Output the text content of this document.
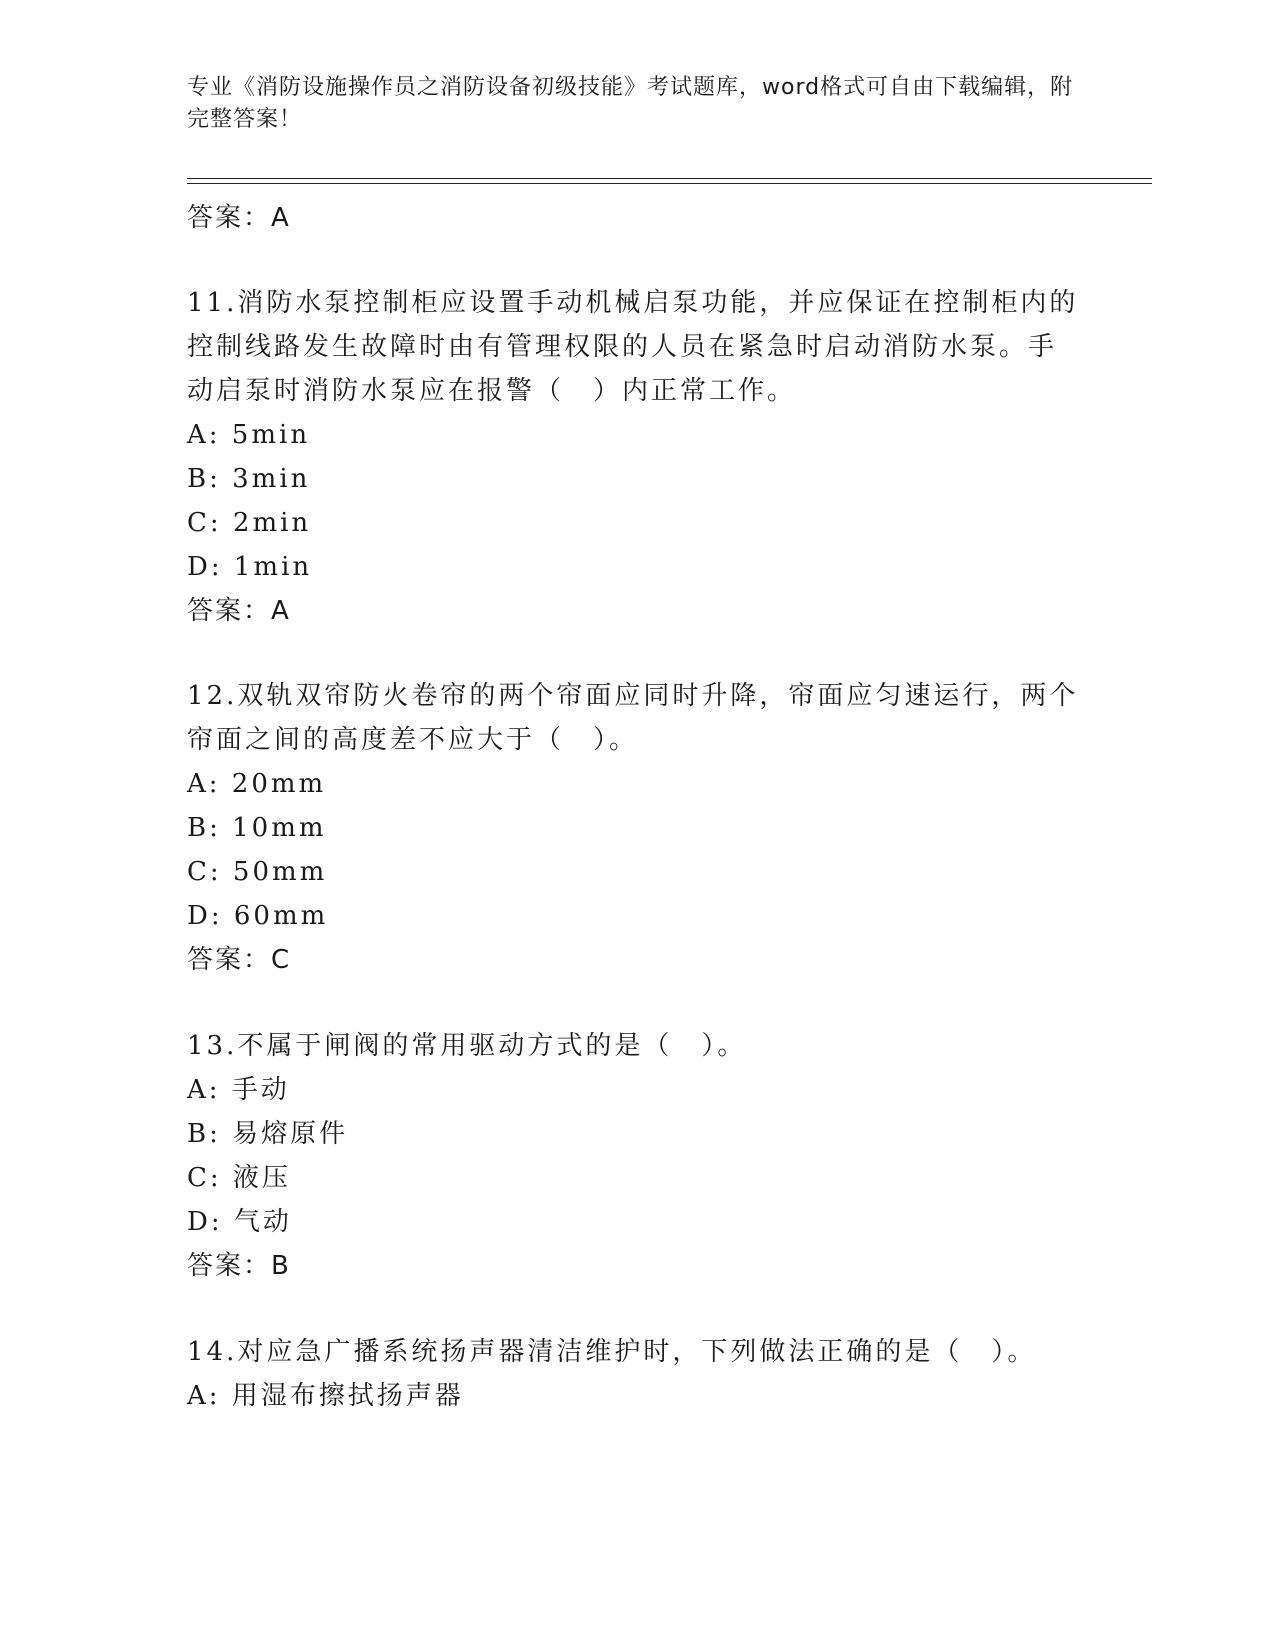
专业《消防设施操作员之消防设备初级技能》考试题库，word格式可自由下载编辑，附完整答案！
答案：A
11.消防水泵控制柜应设置手动机械启泵功能，并应保证在控制柜内的
控制线路发生故障时由有管理权限的人员在紧急时启动消防水泵。手
动启泵时消防水泵应在报警（　）内正常工作。
A: 5min
B: 3min
C: 2min
D: 1min
答案：A
12.双轨双帘防火卷帘的两个帘面应同时升降，帘面应匀速运行，两个
帘面之间的高度差不应大于（　）。
A: 20mm
B: 10mm
C: 50mm
D: 60mm
答案：C
13.不属于闸阀的常用驱动方式的是（　）。
A: 手动
B: 易熔原件
C: 液压
D: 气动
答案：B
14.对应急广播系统扬声器清洁维护时，下列做法正确的是（　）。
A: 用湿布擦拭扬声器
